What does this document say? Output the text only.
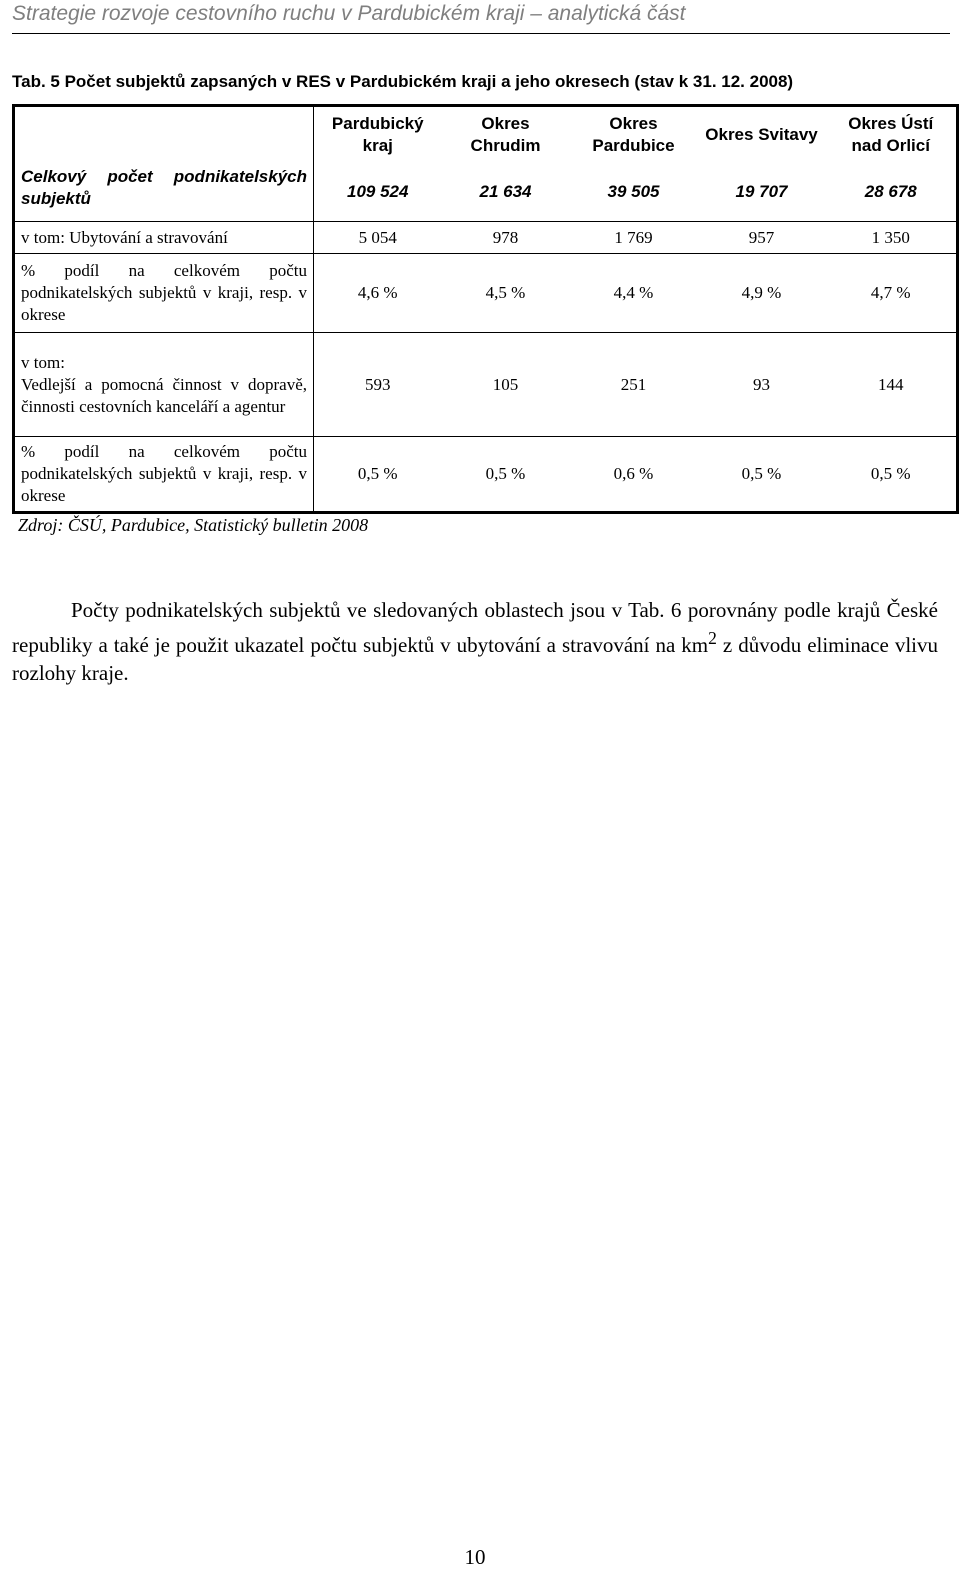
Strategie rozvoje cestovního ruchu v Pardubickém kraji – analytická část
Tab. 5 Počet subjektů zapsaných v RES v Pardubickém kraji a jeho okresech (stav k 31. 12. 2008)
	Pardubický kraj	Okres Chrudim	Okres Pardubice	Okres Svitavy	Okres Ústí nad Orlicí
Celkový počet podnikatelských subjektů	109 524	21 634	39 505	19 707	28 678
v tom: Ubytování a stravování	5 054	978	1 769	957	1 350
% podíl na celkovém počtu podnikatelských subjektů v kraji, resp. v okrese	4,6 %	4,5 %	4,4 %	4,9 %	4,7 %

v tom:
Vedlejší a pomocná činnost v dopravě, činnosti cestovních kanceláří a agentur	593	105	251	93	144
% podíl na celkovém počtu podnikatelských subjektů v kraji, resp. v okrese	0,5 %	0,5 %	0,6 %	0,5 %	0,5 %
Zdroj: ČSÚ, Pardubice, Statistický bulletin 2008

Počty podnikatelských subjektů ve sledovaných oblastech jsou v Tab. 6 porovnány podle krajů České republiky a také je použit ukazatel počtu subjektů v ubytování a stravování na $km^2$ z důvodu eliminace vlivu rozlohy kraje.

10
